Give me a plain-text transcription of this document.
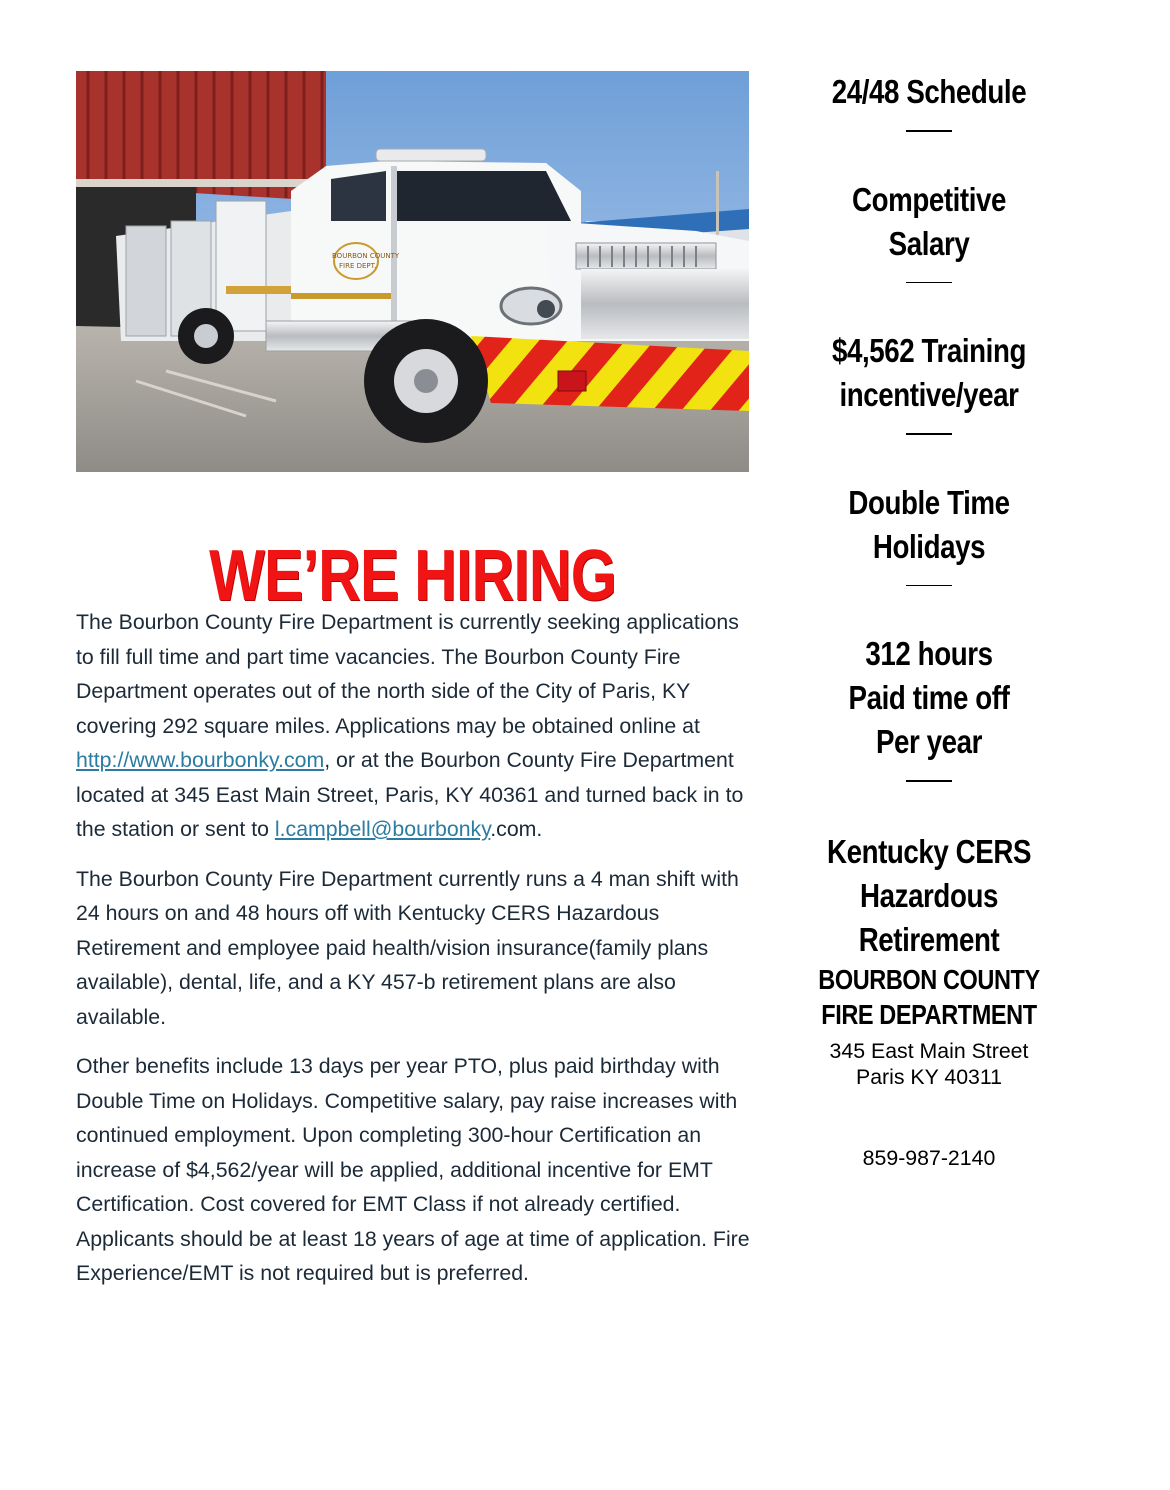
BOURBON COUNTY
FIRE DEPT.
WE’RE HIRING

The Bourbon County Fire Department is currently seeking applications to fill full time and part time vacancies. The Bourbon County Fire Department operates out of the north side of the City of Paris, KY covering 292 square miles. Applications may be obtained online at http://www.bourbonky.com, or at the Bourbon County Fire Department located at 345 East Main Street, Paris, KY 40361 and turned back in to the station or sent to l.campbell@bourbonky.com.

The Bourbon County Fire Department currently runs a 4 man shift with 24 hours on and 48 hours off with Kentucky CERS Hazardous Retirement and employee paid health/vision insurance(family plans available), dental, life, and a KY 457-b retirement plans are also available.

Other benefits include 13 days per year PTO, plus paid birthday with Double Time on Holidays. Competitive salary, pay raise increases with continued employment. Upon completing 300-hour Certification an increase of $4,562/year will be applied, additional incentive for EMT Certification. Cost covered for EMT Class if not already certified. Applicants should be at least 18 years of age at time of application. Fire Experience/EMT is not required but is preferred.

24/48 Schedule
Competitive
Salary
$4,562 Training
incentive/year
Double Time
Holidays
312 hours
Paid time off
Per year
Kentucky CERS
Hazardous Retirement
BOURBON COUNTY FIRE DEPARTMENT
345 East Main Street
Paris KY 40311
859-987-2140
